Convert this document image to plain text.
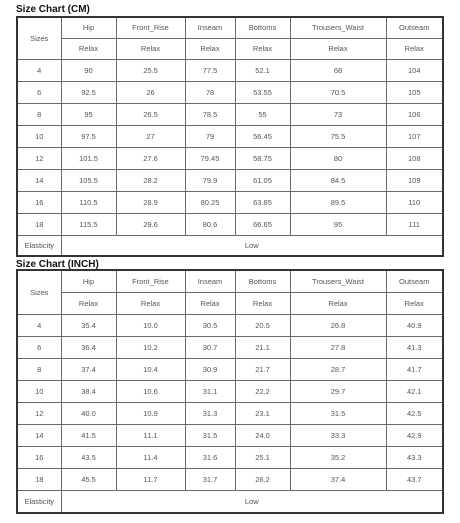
Size Chart (CM)
Sizes	Hip	Front_Rise	Inseam	Bottoms	Trousers_Waist	Outseam
	Relax	Relax	Relax	Relax	Relax	Relax
4	90	25.5	77.5	52.1	68	104
6	92.5	26	78	53.55	70.5	105
8	95	26.5	78.5	55	73	106
10	97.5	27	79	56.45	75.5	107
12	101.5	27.6	79.45	58.75	80	108
14	105.5	28.2	79.9	61.05	84.5	109
16	110.5	28.9	80.25	63.85	89.5	110
18	115.5	29.6	80.6	66.65	95	111
Elasticity	Low					
Size Chart (INCH)
Sizes	Hip	Front_Rise	Inseam	Bottoms	Trousers_Waist	Outseam
	Relax	Relax	Relax	Relax	Relax	Relax
4	35.4	10.0	30.5	20.5	26.8	40.9
6	36.4	10.2	30.7	21.1	27.8	41.3
8	37.4	10.4	30.9	21.7	28.7	41.7
10	38.4	10.6	31.1	22.2	29.7	42.1
12	40.0	10.9	31.3	23.1	31.5	42.5
14	41.5	11.1	31.5	24.0	33.3	42.9
16	43.5	11.4	31.6	25.1	35.2	43.3
18	45.5	11.7	31.7	26.2	37.4	43.7
Elasticity	Low					
